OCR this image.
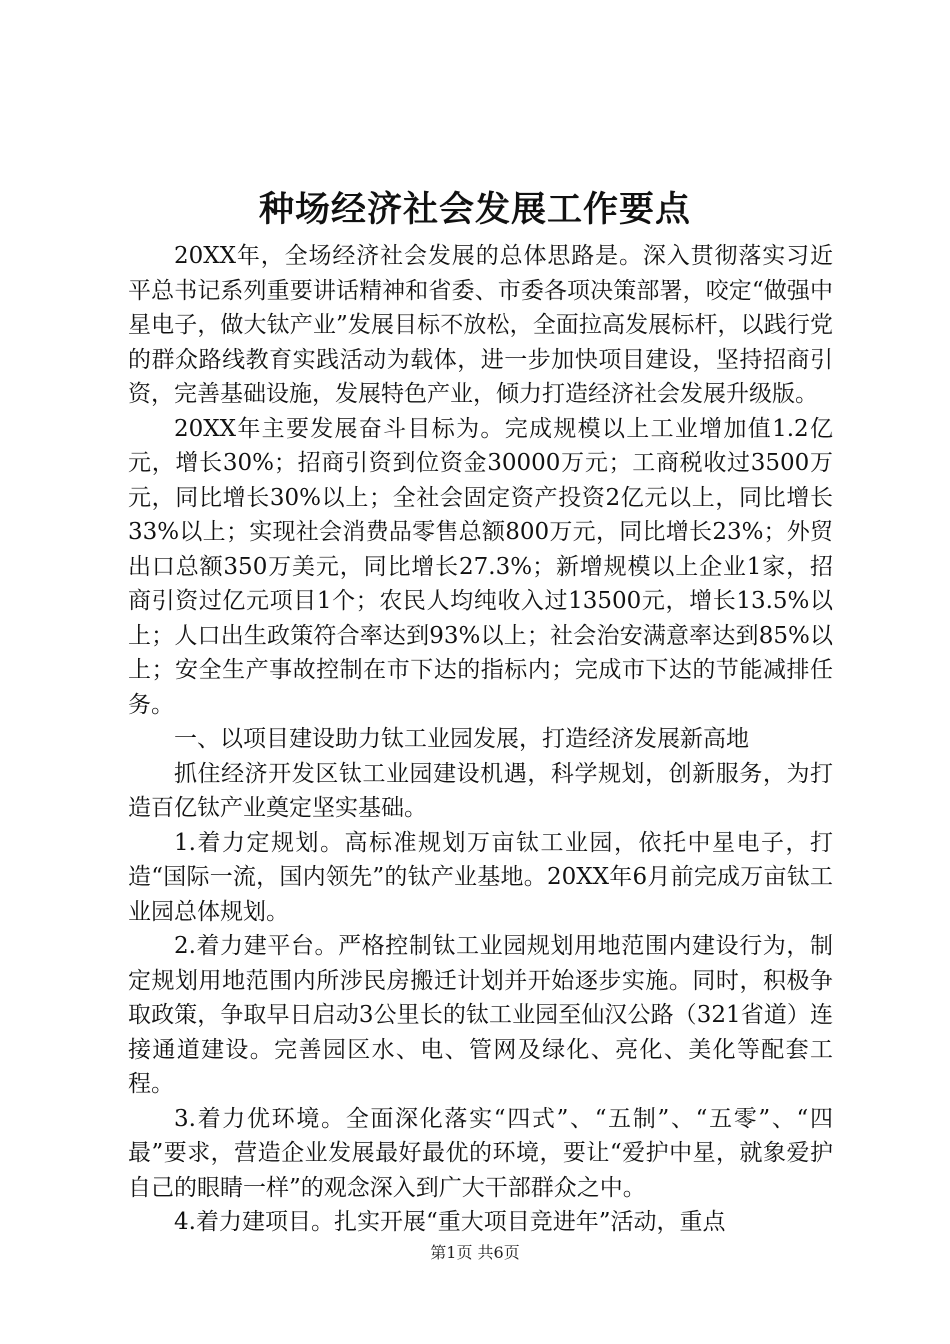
种场经济社会发展工作要点

20XX年，全场经济社会发展的总体思路是。深入贯彻落实习近平总书记系列重要讲话精神和省委、市委各项决策部署，咬定“做强中星电子，做大钛产业”发展目标不放松，全面拉高发展标杆，以践行党的群众路线教育实践活动为载体，进一步加快项目建设，坚持招商引资，完善基础设施，发展特色产业，倾力打造经济社会发展升级版。

20XX年主要发展奋斗目标为。完成规模以上工业增加值1.2亿元，增长30%；招商引资到位资金30000万元；工商税收过3500万元，同比增长30%以上；全社会固定资产投资2亿元以上，同比增长33%以上；实现社会消费品零售总额800万元，同比增长23%；外贸出口总额350万美元，同比增长27.3%；新增规模以上企业1家，招商引资过亿元项目1个；农民人均纯收入过13500元，增长13.5%以上；人口出生政策符合率达到93%以上；社会治安满意率达到85%以上；安全生产事故控制在市下达的指标内；完成市下达的节能减排任务。

一、以项目建设助力钛工业园发展，打造经济发展新高地

抓住经济开发区钛工业园建设机遇，科学规划，创新服务，为打造百亿钛产业奠定坚实基础。

1.着力定规划。高标准规划万亩钛工业园，依托中星电子，打造“国际一流，国内领先”的钛产业基地。20XX年6月前完成万亩钛工业园总体规划。

2.着力建平台。严格控制钛工业园规划用地范围内建设行为，制定规划用地范围内所涉民房搬迁计划并开始逐步实施。同时，积极争取政策，争取早日启动3公里长的钛工业园至仙汉公路（321省道）连接通道建设。完善园区水、电、管网及绿化、亮化、美化等配套工程。

3.着力优环境。全面深化落实“四式”、“五制”、“五零”、“四最”要求，营造企业发展最好最优的环境，要让“爱护中星，就象爱护自己的眼睛一样”的观念深入到广大干部群众之中。

4.着力建项目。扎实开展“重大项目竞进年”活动，重点

第1页 共6页
